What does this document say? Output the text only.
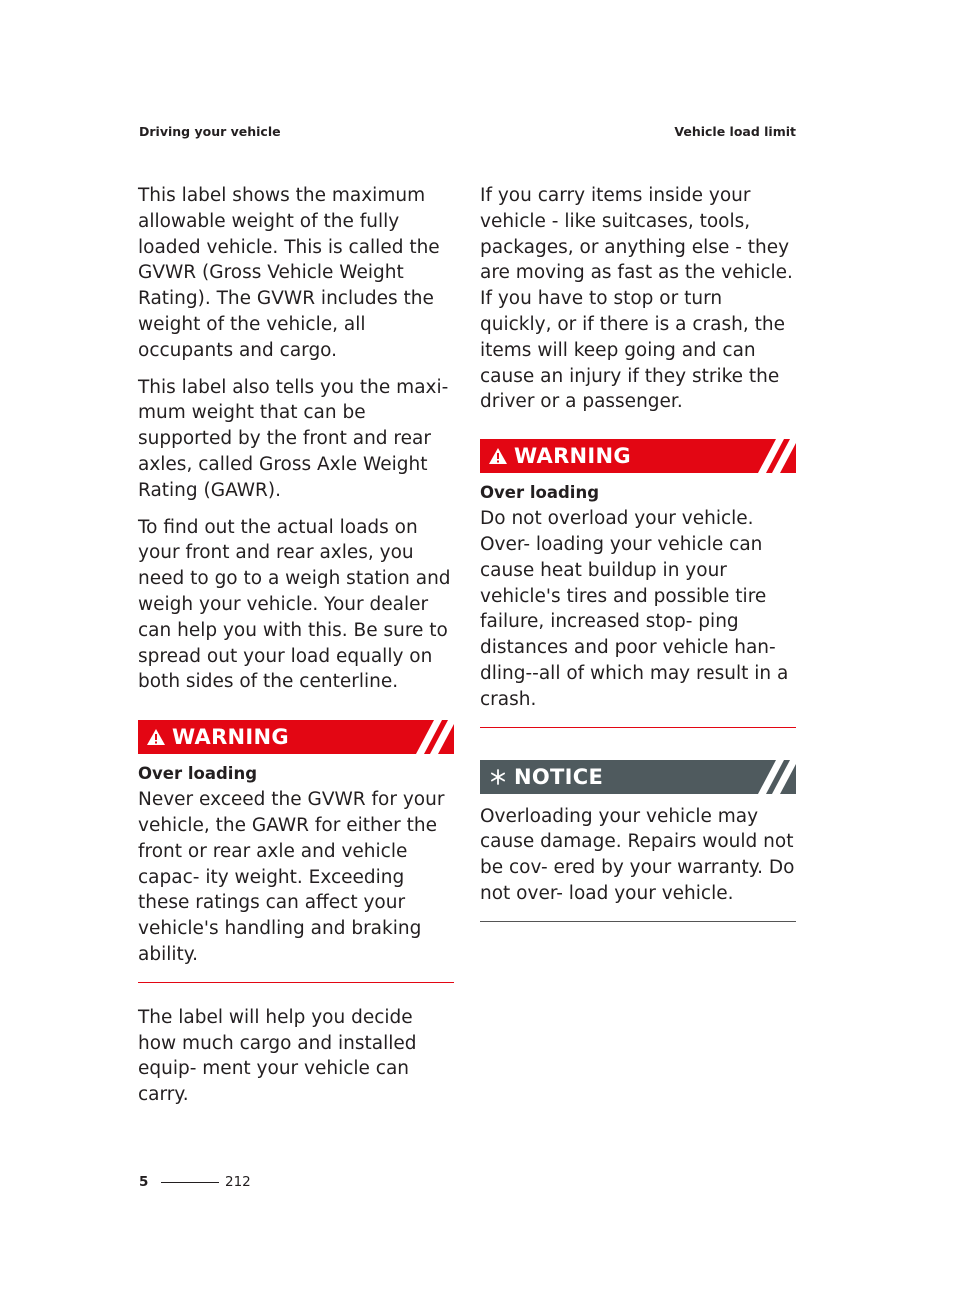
Driving your vehicle	Vehicle load limit

This label shows the maximum allowable weight of the fully loaded vehicle. This is called the GVWR (Gross Vehicle Weight Rating). The GVWR includes the weight of the vehicle, all occupants and cargo.

This label also tells you the maxi- mum weight that can be supported by the front and rear axles, called Gross Axle Weight Rating (GAWR).

To find out the actual loads on your front and rear axles, you need to go to a weigh station and weigh your vehicle. Your dealer can help you with this. Be sure to spread out your load equally on both sides of the centerline.

WARNING
Over loading

Never exceed the GVWR for your vehicle, the GAWR for either the front or rear axle and vehicle capac- ity weight. Exceeding these ratings can affect your vehicle's handling and braking ability.

The label will help you decide how much cargo and installed equip- ment your vehicle can carry.

If you carry items inside your vehicle - like suitcases, tools, packages, or anything else - they are moving as fast as the vehicle. If you have to stop or turn quickly, or if there is a crash, the items will keep going and can cause an injury if they strike the driver or a passenger.

WARNING
Over loading

Do not overload your vehicle. Over- loading your vehicle can cause heat buildup in your vehicle's tires and possible tire failure, increased stop- ping distances and poor vehicle han- dling--all of which may result in a crash.

NOTICE

Overloading your vehicle may cause damage. Repairs would not be cov- ered by your warranty. Do not over- load your vehicle.

5	212
